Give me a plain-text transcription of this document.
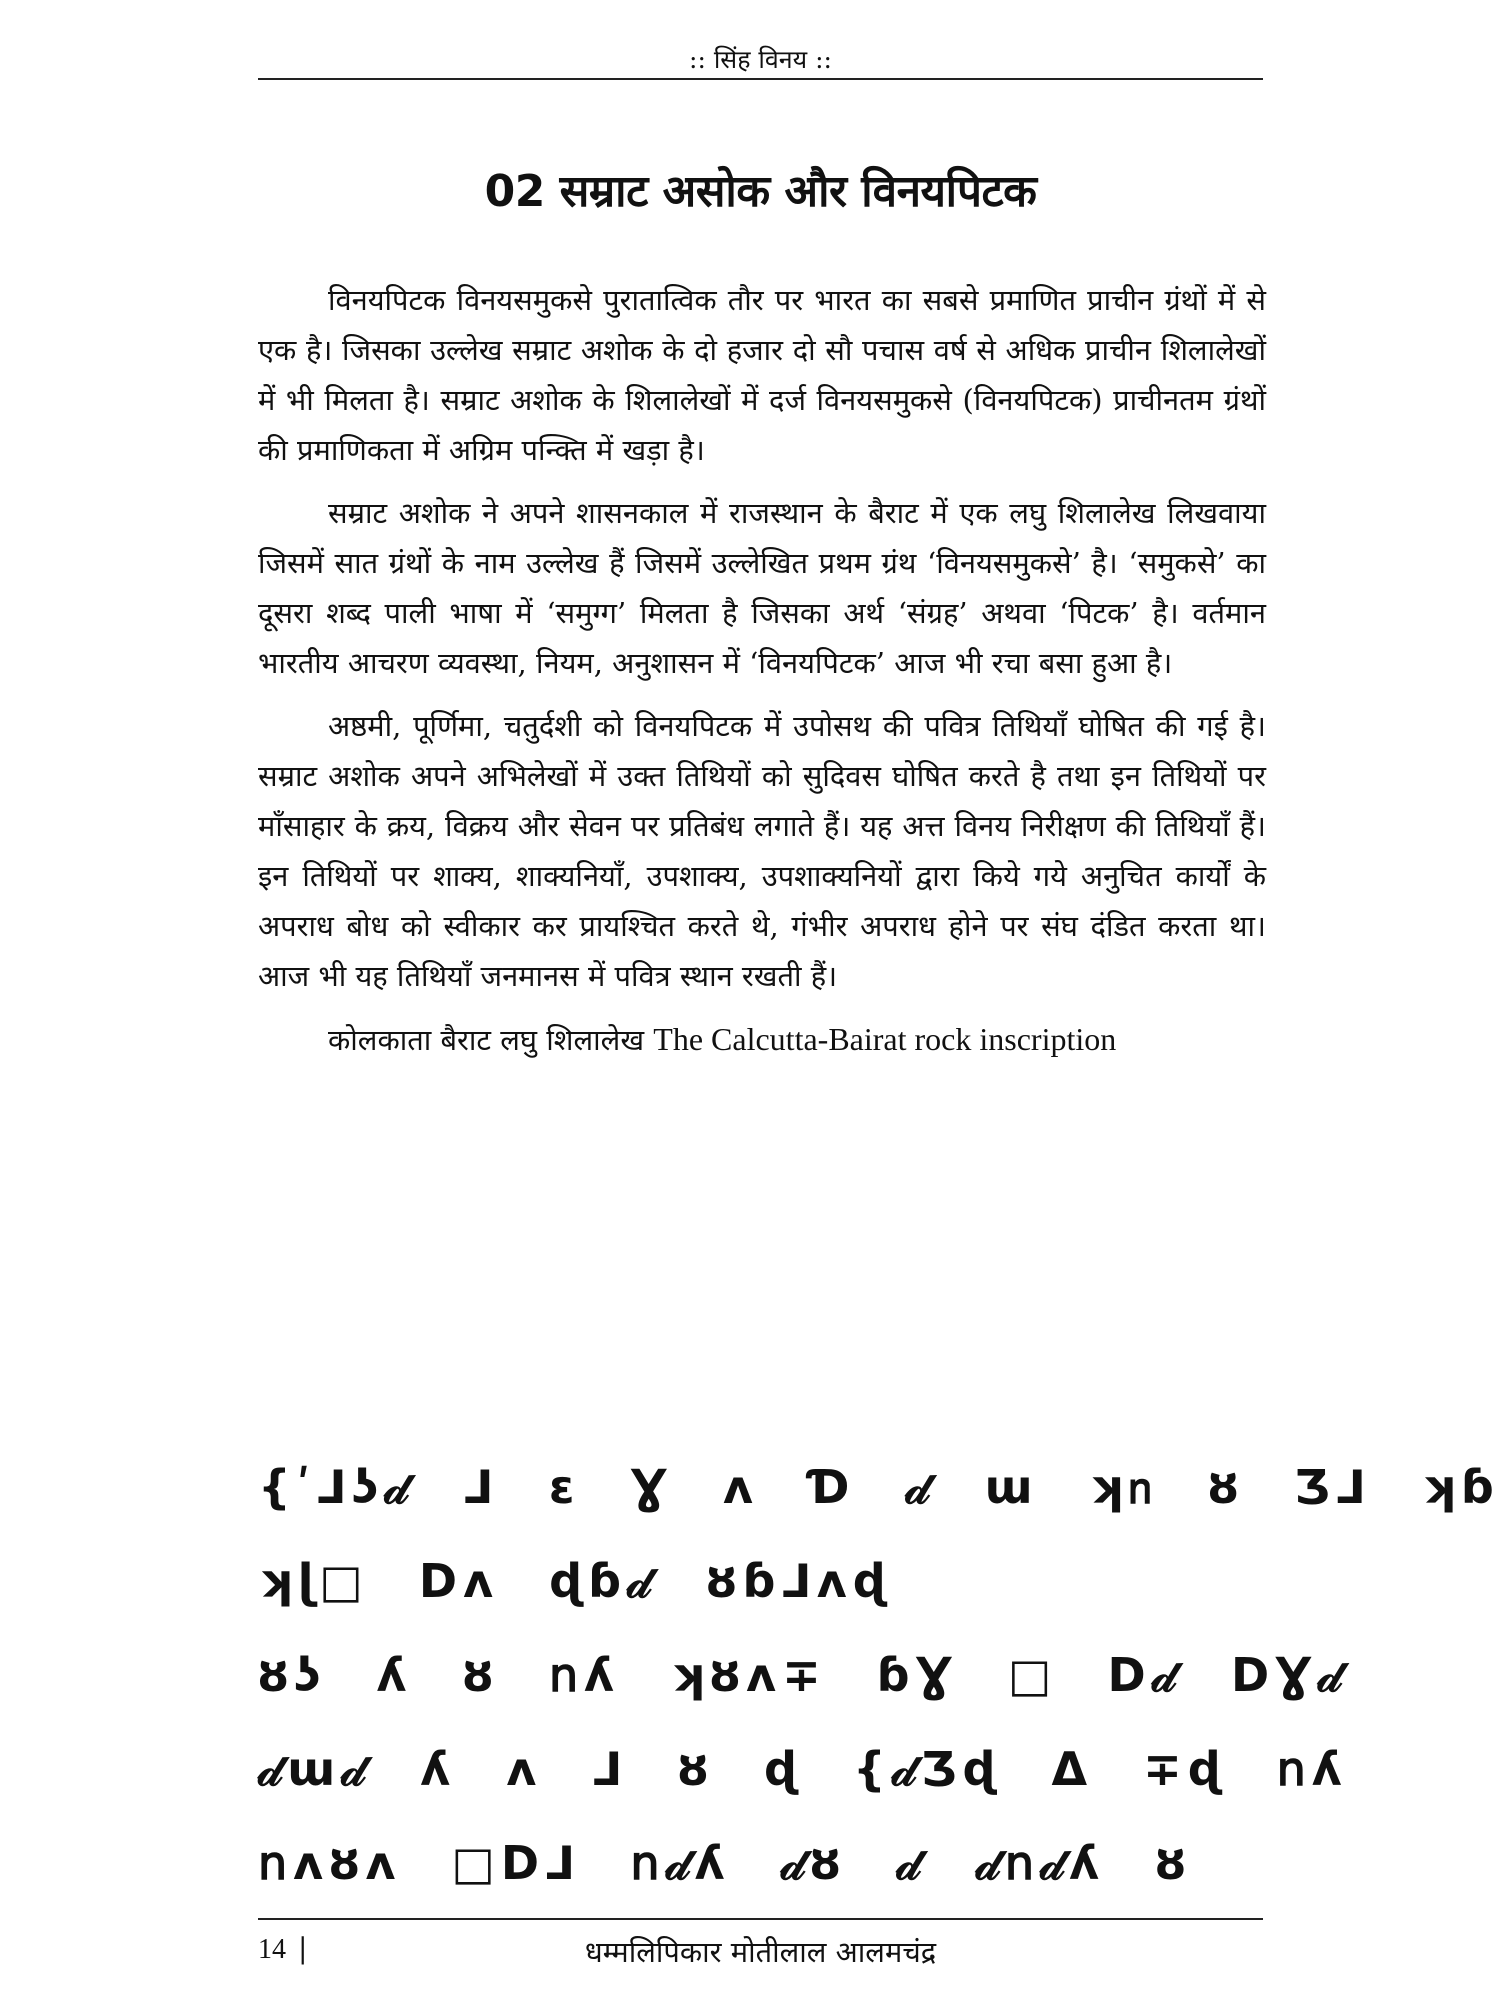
:: सिंह विनय ::
02 सम्राट असोक और विनयपिटक

विनयपिटक विनयसमुकसे पुरातात्विक तौर पर भारत का सबसे प्रमाणित प्राचीन ग्रंथों में से एक है। जिसका उल्लेख सम्राट अशोक के दो हजार दो सौ पचास वर्ष से अधिक प्राचीन शिलालेखों में भी मिलता है। सम्राट अशोक के शिलालेखों में दर्ज विनयसमुकसे (विनयपिटक) प्राचीनतम ग्रंथों की प्रमाणिकता में अग्रिम पन्क्ति में खड़ा है।

सम्राट अशोक ने अपने शासनकाल में राजस्थान के बैराट में एक लघु शिलालेख लिखवाया जिसमें सात ग्रंथों के नाम उल्लेख हैं जिसमें उल्लेखित प्रथम ग्रंथ ‘विनयसमुकसे’ है। ‘समुकसे’ का दूसरा शब्द पाली भाषा में ‘समुग्ग’ मिलता है जिसका अर्थ ‘संग्रह’ अथवा ‘पिटक’ है। वर्तमान भारतीय आचरण व्यवस्था, नियम, अनुशासन में ‘विनयपिटक’ आज भी रचा बसा हुआ है।

अष्ठमी, पूर्णिमा, चतुर्दशी को विनयपिटक में उपोसथ की पवित्र तिथियाँ घोषित की गई है। सम्राट अशोक अपने अभिलेखों में उक्त तिथियों को सुदिवस घोषित करते है तथा इन तिथियों पर माँसाहार के क्रय, विक्रय और सेवन पर प्रतिबंध लगाते हैं। यह अत्त विनय निरीक्षण की तिथियाँ हैं। इन तिथियों पर शाक्य, शाक्यनियाँ, उपशाक्य, उपशाक्यनियों द्वारा किये गये अनुचित कार्यों के अपराध बोध को स्वीकार कर प्रायश्चित करते थे, गंभीर अपराध होने पर संघ दंडित करता था। आज भी यह तिथियाँ जनमानस में पवित्र स्थान रखती हैं।

कोलकाता बैराट लघु शिलालेख The Calcutta-Bairat rock inscription

{ʹ⅃ʖ𝒹 ⅃ ɛ Ɣ ʌ Ɗ 𝒹 ɯ ʞ𝗇 ȣ Ʒ⅃ ʞɓ
ʞɭ□ Dʌ ɖɓ𝒹 ȣɓ⅃ʌɖ
ȣʖ ʎ ȣ 𝗇ʎ ʞȣʌ∓ ɓƔ □ D𝒹 DƔ𝒹
𝒹ɯ𝒹 ʎ ʌ ⅃ ȣ ɖ {𝒹Ʒɖ Δ ∓ɖ 𝗇ʎ
𝗇ʌȣʌ □D⅃ 𝗇𝒹ʎ 𝒹ȣ 𝒹 𝒹𝗇𝒹ʎ ȣ
14 |	धम्मलिपिकार मोतीलाल आलमचंद्र
